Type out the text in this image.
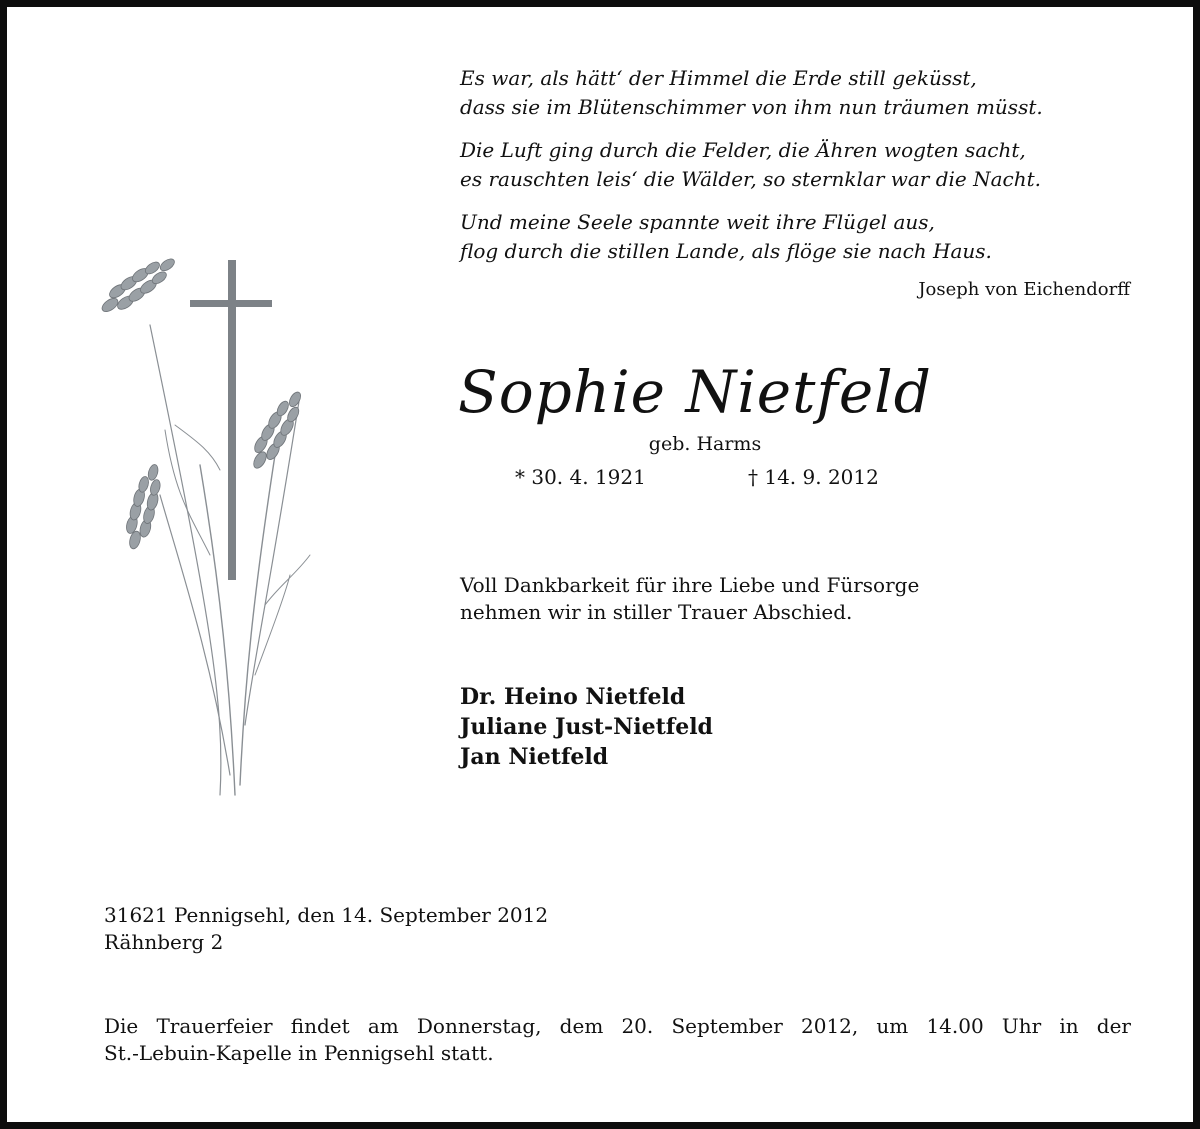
Es war, als hätt‘ der Himmel die Erde still geküsst,
dass sie im Blütenschimmer von ihm nun träumen müsst.
Die Luft ging durch die Felder, die Ähren wogten sacht,
es rauschten leis‘ die Wälder, so sternklar war die Nacht.
Und meine Seele spannte weit ihre Flügel aus,
flog durch die stillen Lande, als flöge sie nach Haus.
Joseph von Eichendorff
Sophie Nietfeld
geb. Harms
* 30. 4. 1921	† 14. 9. 2012
Voll Dankbarkeit für ihre Liebe und Fürsorge
nehmen wir in stiller Trauer Abschied.
Dr. Heino Nietfeld
Juliane Just-Nietfeld
Jan Nietfeld
31621 Pennigsehl, den 14. September 2012
Rähnberg 2
Die Trauerfeier findet am Donnerstag, dem 20. September 2012, um 14.00 Uhr in der
St.-Lebuin-Kapelle in Pennigsehl statt.
